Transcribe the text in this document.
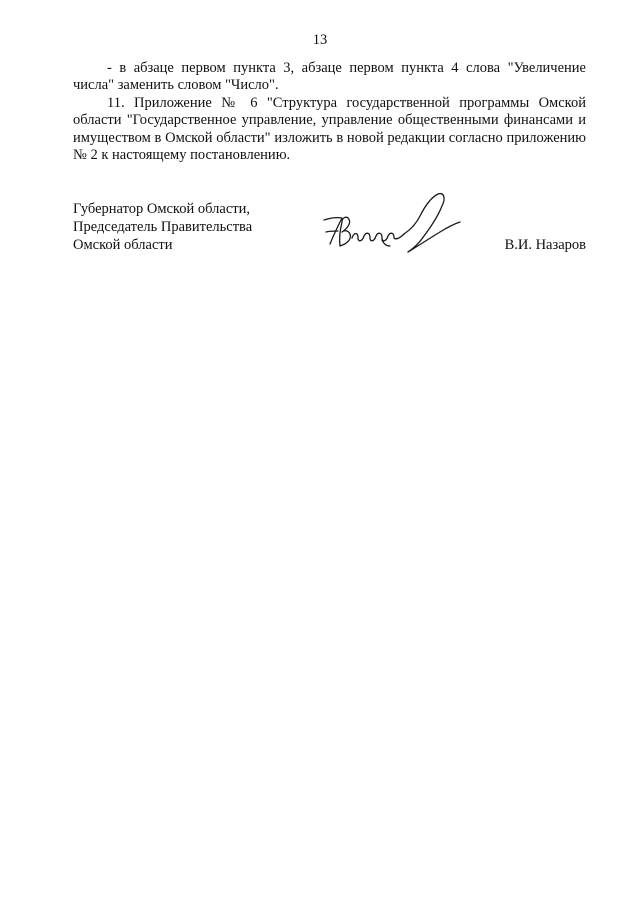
13

- в абзаце первом пункта 3, абзаце первом пункта 4 слова "Увеличение числа" заменить словом "Число".

11. Приложение № 6 "Структура государственной программы Омской области "Государственное управление, управление общественными финансами и имуществом в Омской области" изложить в новой редакции согласно приложению № 2 к настоящему постановлению.

Губернатор Омской области,
Председатель Правительства
Омской области	В.И. Назаров
